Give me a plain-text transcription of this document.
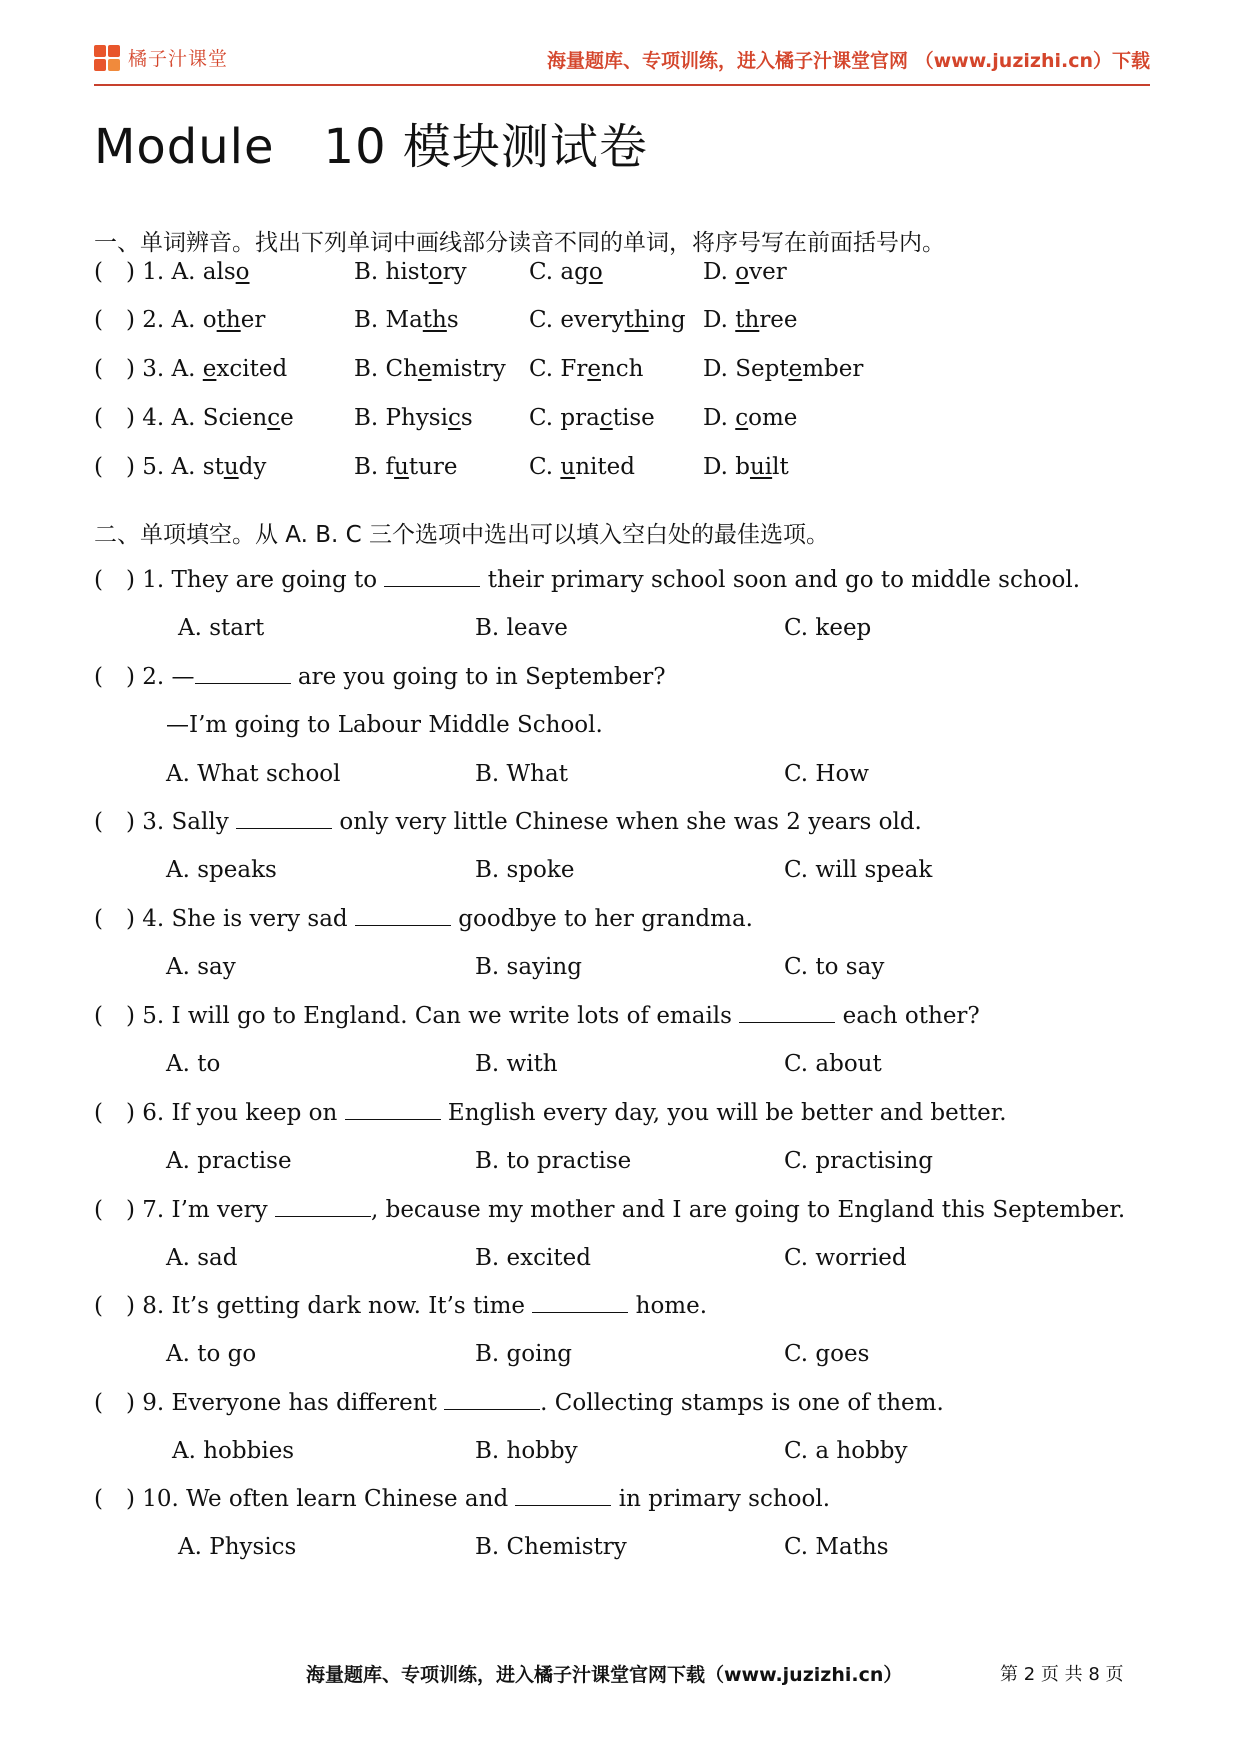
橘子汁课堂	海量题库、专项训练，进入橘子汁课堂官网 （www.juzizhi.cn）下载
Module　10 模块测试卷
一、单词辨音。找出下列单词中画线部分读音不同的单词，将序号写在前面括号内。
( ) 1. A. also	B. history	C. ago	D. over
( ) 2. A. other	B. Maths	C. everything D. three
( ) 3. A. excited	B. Chemistry C. French	D. September
( ) 4. A. Science	B. Physics C. practise D. come
( ) 5. A. study	B. future	C. united	D. built
二、单项填空。从 A. B. C 三个选项中选出可以填入空白处的最佳选项。
( ) 1. They are going to	their primary school soon and go to middle school.
A. start	B. leave	C. keep
( ) 2. —	are you going to in September?
—I’m going to Labour Middle School.
A. What school	B. What	C. How
( ) 3. Sally	only very little Chinese when she was 2 years old.
A. speaks	B. spoke	C. will speak
( ) 4. She is very sad	goodbye to her grandma.
A. say	B. saying	C. to say
( ) 5. I will go to England. Can we write lots of emails	each other?
A. to	B. with	C. about
( ) 6. If you keep on	English every day, you will be better and better.
A. practise	B. to practise	C. practising
( ) 7. I’m very	, because my mother and I are going to England this September.
A. sad	B. excited	C. worried
( ) 8. It’s getting dark now. It’s time	home.
A. to go	B. going	C. goes
( ) 9. Everyone has different	. Collecting stamps is one of them.
A. hobbies	B. hobby	C. a hobby
( ) 10. We often learn Chinese and	in primary school.
A. Physics	B. Chemistry	C. Maths
海量题库、专项训练，进入橘子汁课堂官网下载（www.juzizhi.cn）	第 2 页 共 8 页
